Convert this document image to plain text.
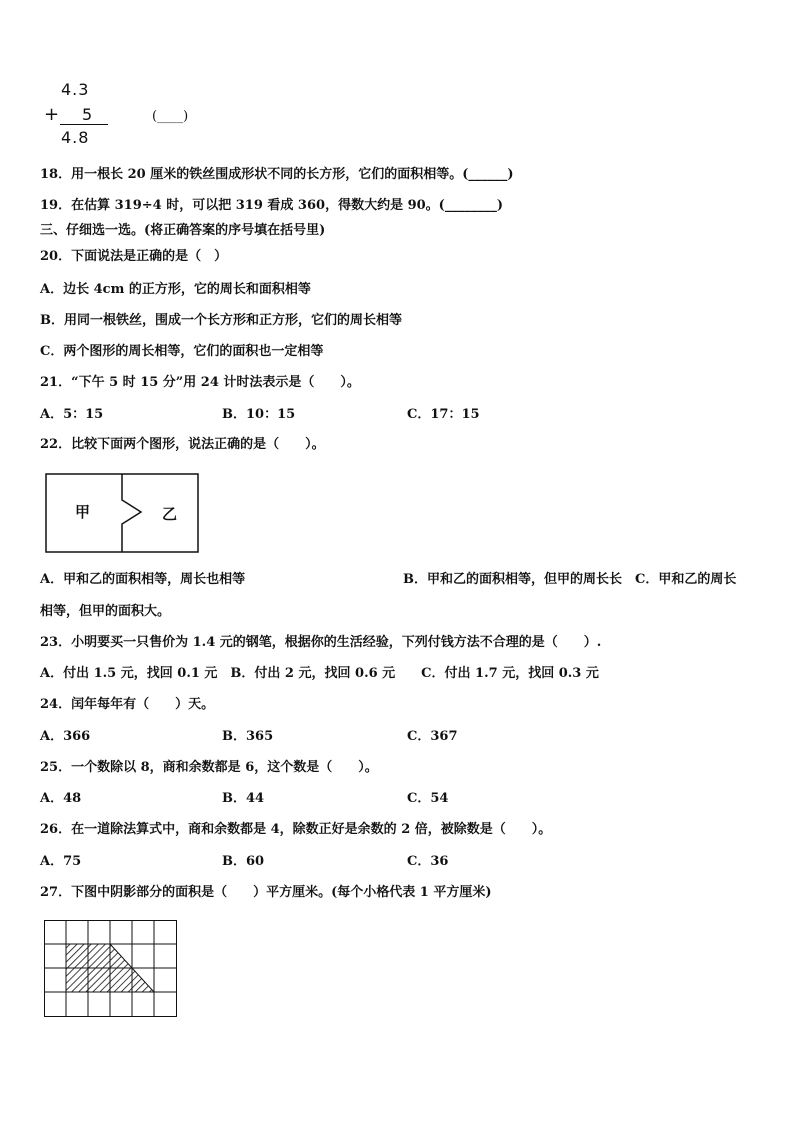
4.3
+ 5
4.8
(____)
18．用一根长 20 厘米的铁丝围成形状不同的长方形，它们的面积相等。(______)
19．在估算 319÷4 时，可以把 319 看成 360，得数大约是 90。(________)
三、仔细选一选。(将正确答案的序号填在括号里)
20．下面说法是正确的是（　）
A．边长 4cm 的正方形，它的周长和面积相等
B．用同一根铁丝，围成一个长方形和正方形，它们的周长相等
C．两个图形的周长相等，它们的面积也一定相等
21．“下午 5 时 15 分”用 24 计时法表示是（　　）。
A．5：15	B．10：15	C．17：15
22．比较下面两个图形，说法正确的是（　　）。
甲	乙
A．甲和乙的面积相等，周长也相等	B．甲和乙的面积相等，但甲的周长长　C．甲和乙的周长
相等，但甲的面积大。
23．小明要买一只售价为 1.4 元的钢笔，根据你的生活经验，下列付钱方法不合理的是（　　）.
A．付出 1.5 元，找回 0.1 元　B．付出 2 元，找回 0.6 元　　C．付出 1.7 元，找回 0.3 元
24．闰年每年有（　　）天。
A．366	B．365	C．367
25．一个数除以 8，商和余数都是 6，这个数是（　　）。
A．48	B．44	C．54
26．在一道除法算式中，商和余数都是 4，除数正好是余数的 2 倍，被除数是（　　）。
A．75	B．60	C．36
27．下图中阴影部分的面积是（　　）平方厘米。(每个小格代表 1 平方厘米)
